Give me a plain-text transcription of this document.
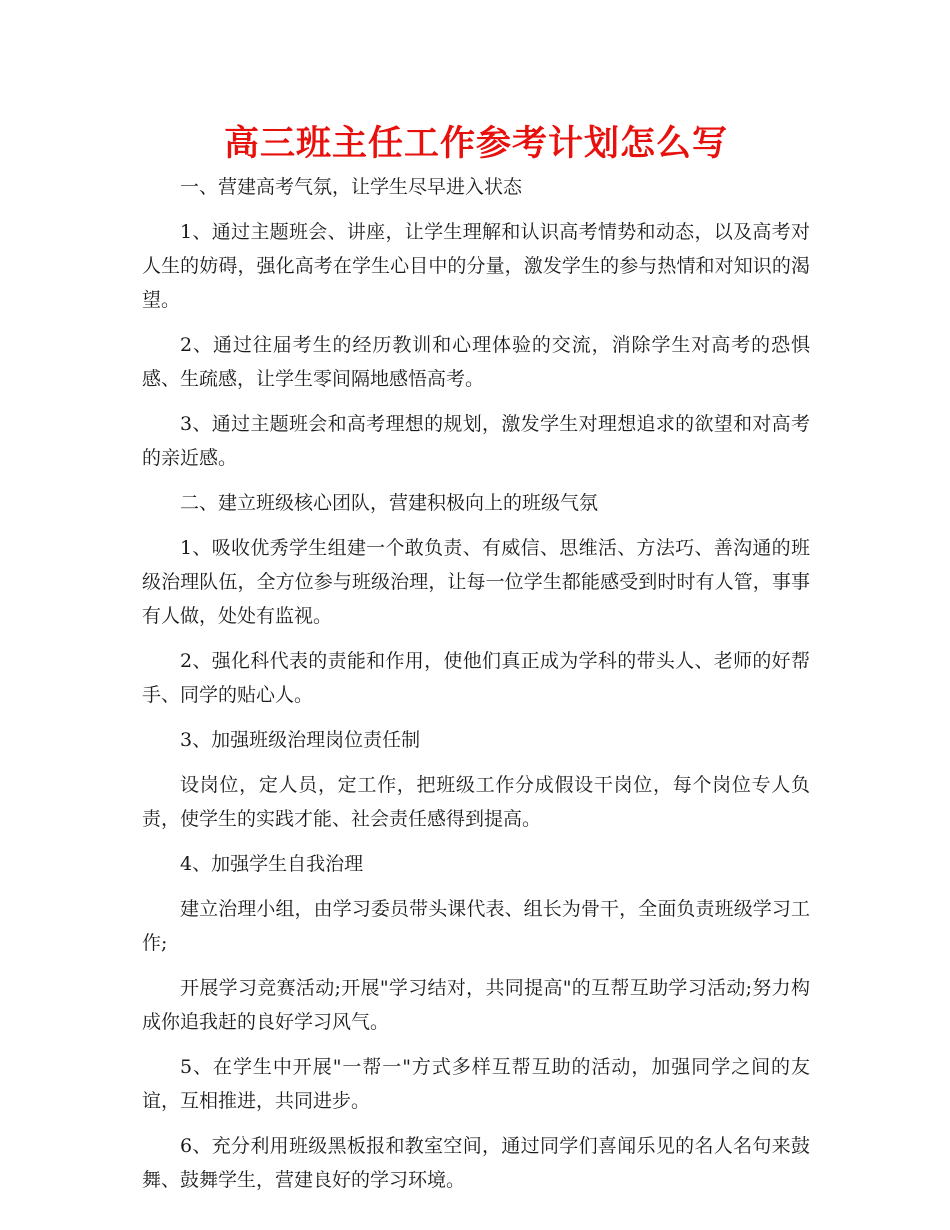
高三班主任工作参考计划怎么写

一、营建高考气氛，让学生尽早进入状态

1、通过主题班会、讲座，让学生理解和认识高考情势和动态，以及高考对人生的妨碍，强化高考在学生心目中的分量，激发学生的参与热情和对知识的渴望。

2、通过往届考生的经历教训和心理体验的交流，消除学生对高考的恐惧感、生疏感，让学生零间隔地感悟高考。

3、通过主题班会和高考理想的规划，激发学生对理想追求的欲望和对高考的亲近感。

二、建立班级核心团队，营建积极向上的班级气氛

1、吸收优秀学生组建一个敢负责、有威信、思维活、方法巧、善沟通的班级治理队伍，全方位参与班级治理，让每一位学生都能感受到时时有人管，事事有人做，处处有监视。

2、强化科代表的责能和作用，使他们真正成为学科的带头人、老师的好帮手、同学的贴心人。

3、加强班级治理岗位责任制

设岗位，定人员，定工作，把班级工作分成假设干岗位，每个岗位专人负责，使学生的实践才能、社会责任感得到提高。

4、加强学生自我治理

建立治理小组，由学习委员带头课代表、组长为骨干，全面负责班级学习工作;

开展学习竞赛活动;开展"学习结对，共同提高"的互帮互助学习活动;努力构成你追我赶的良好学习风气。

5、在学生中开展"一帮一"方式多样互帮互助的活动，加强同学之间的友谊，互相推进，共同进步。

6、充分利用班级黑板报和教室空间，通过同学们喜闻乐见的名人名句来鼓舞、鼓舞学生，营建良好的学习环境。
